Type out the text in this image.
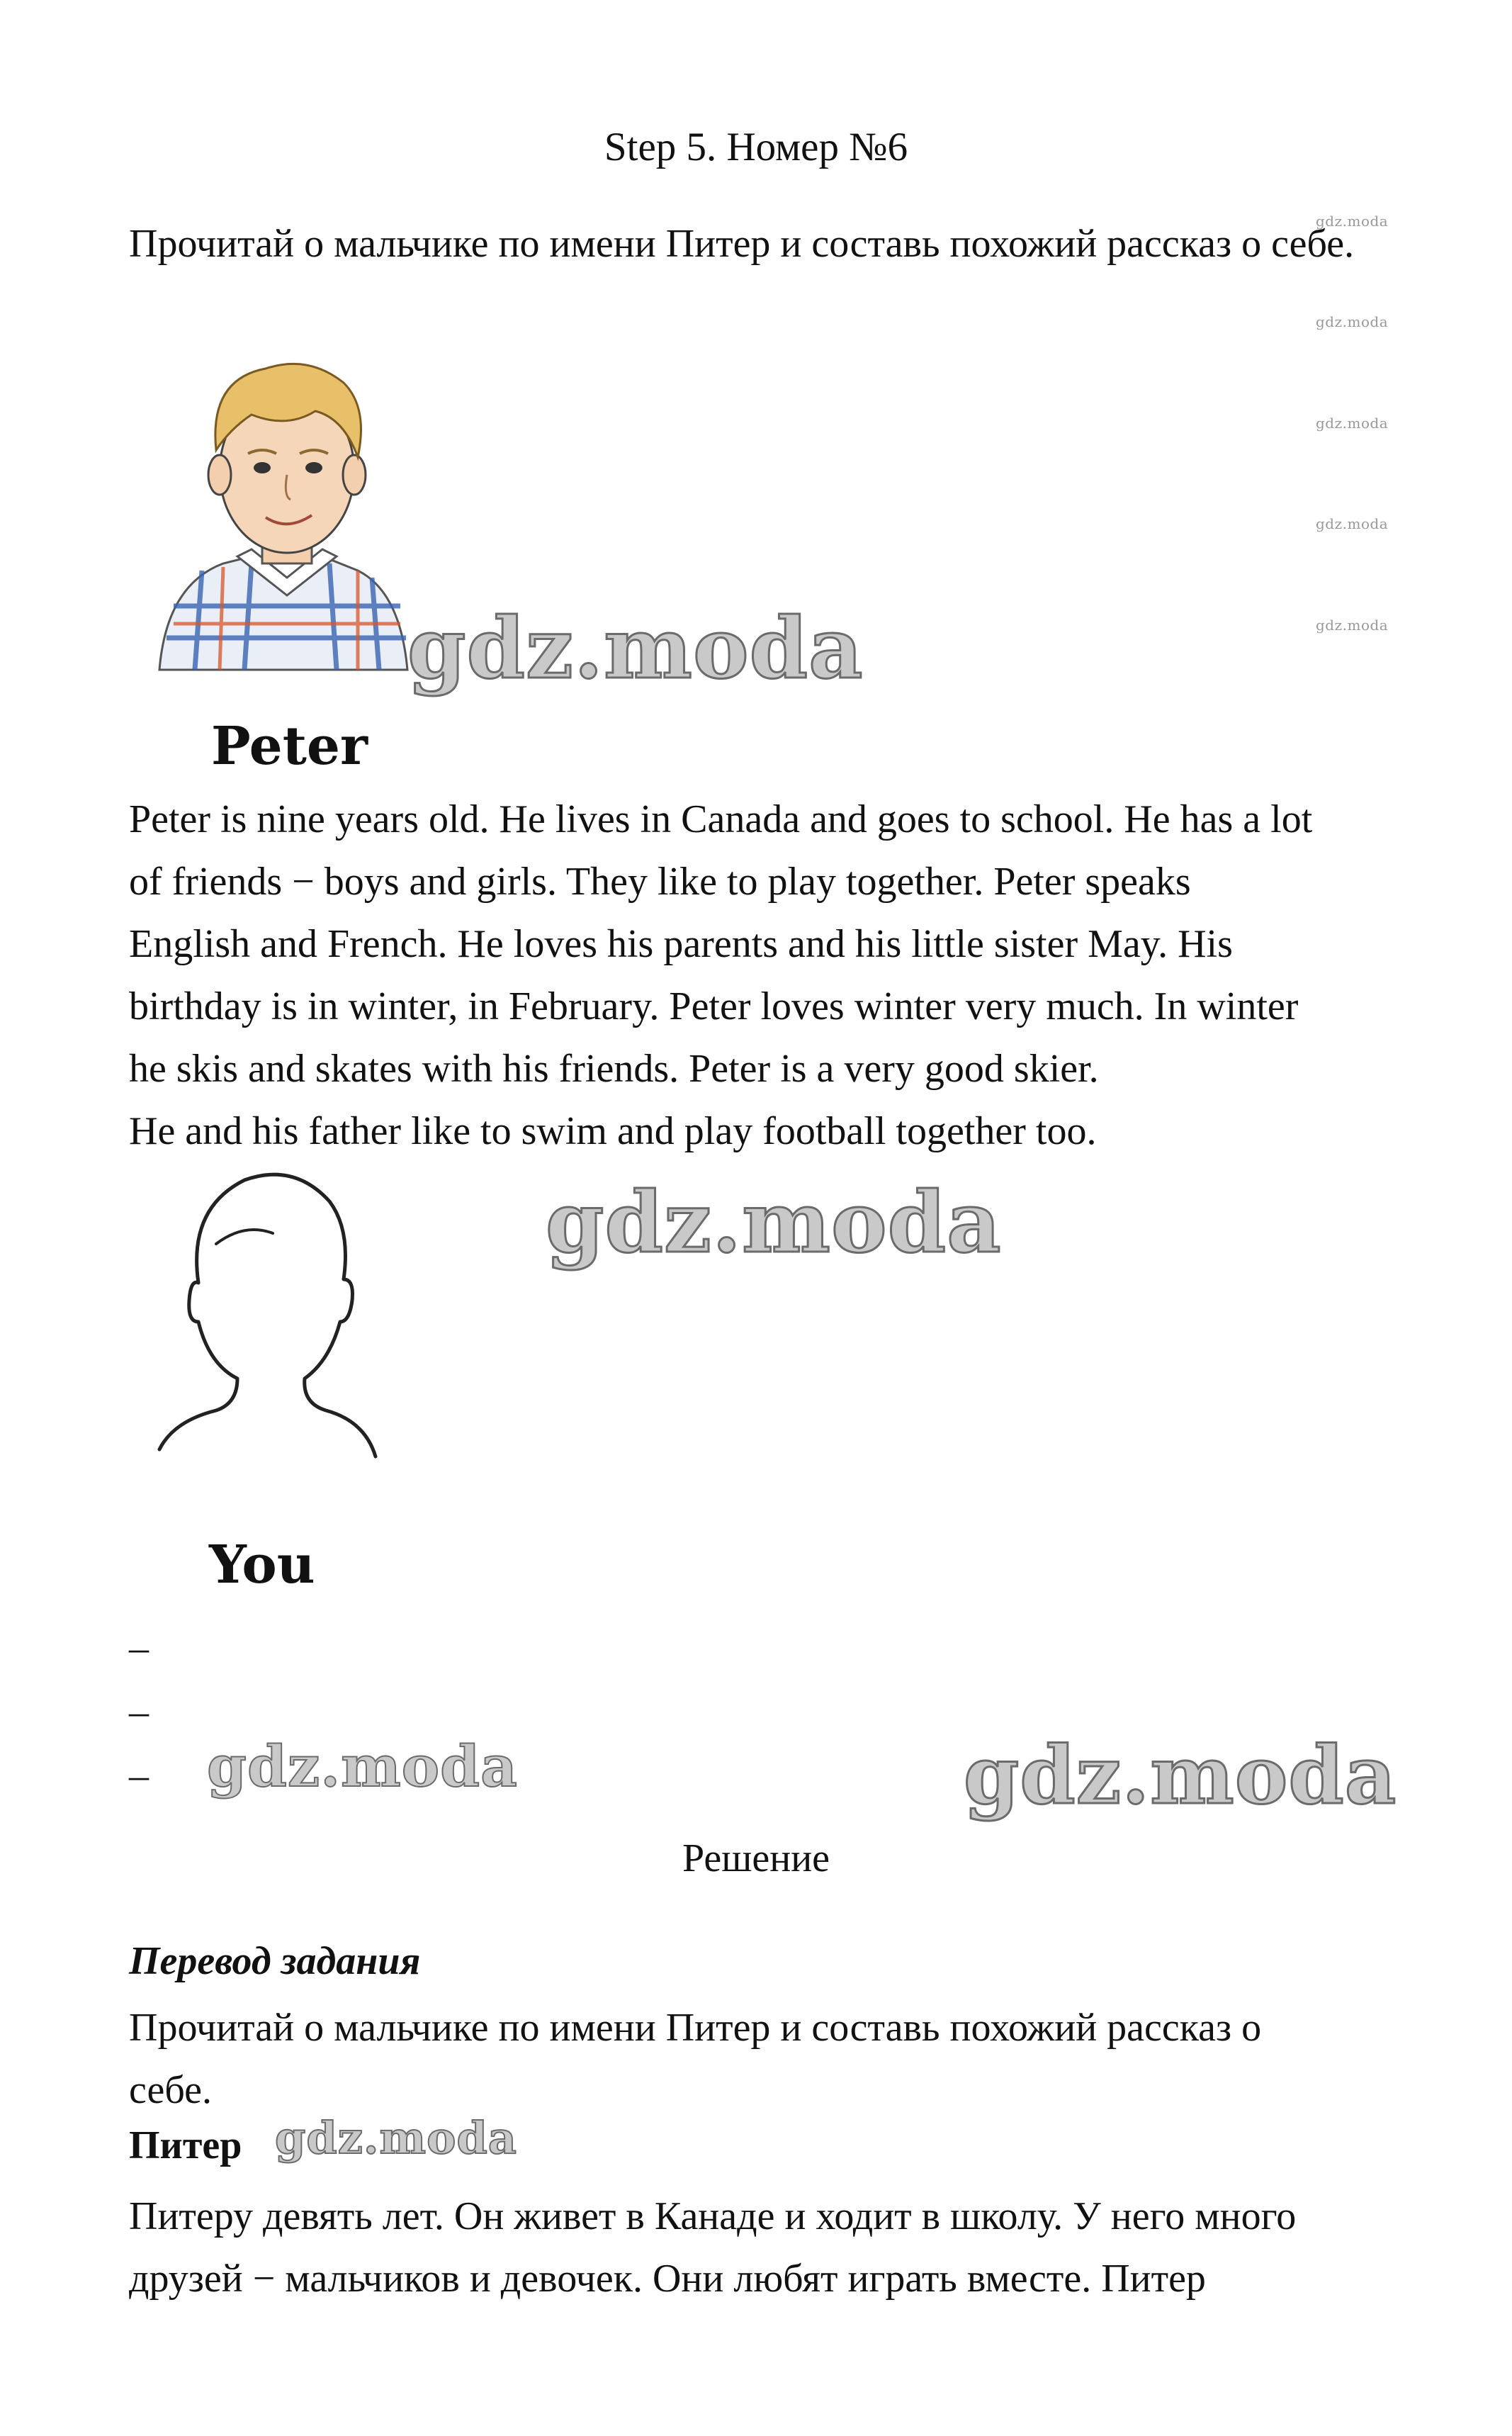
Step 5. Номер №6
Прочитай о мальчике по имени Питер и составь похожий рассказ о себе.
gdz.moda
gdz.moda
gdz.moda
gdz.moda
gdz.moda
gdz.moda
Peter
Peter is nine years old. He lives in Canada and goes to school. He has a lot
of friends − boys and girls. They like to play together. Peter speaks
English and French. He loves his parents and his little sister May. His
birthday is in winter, in February. Peter loves winter very much. In winter
he skis and skates with his friends. Peter is a very good skier.
He and his father like to swim and play football together too.
gdz.moda
You
–
–
– gdz.moda	gdz.moda
Решение
Перевод задания
Прочитай о мальчике по имени Питер и составь похожий рассказ о
себе.
Питер gdz.moda
Питеру девять лет. Он живет в Канаде и ходит в школу. У него много
друзей − мальчиков и девочек. Они любят играть вместе. Питер
